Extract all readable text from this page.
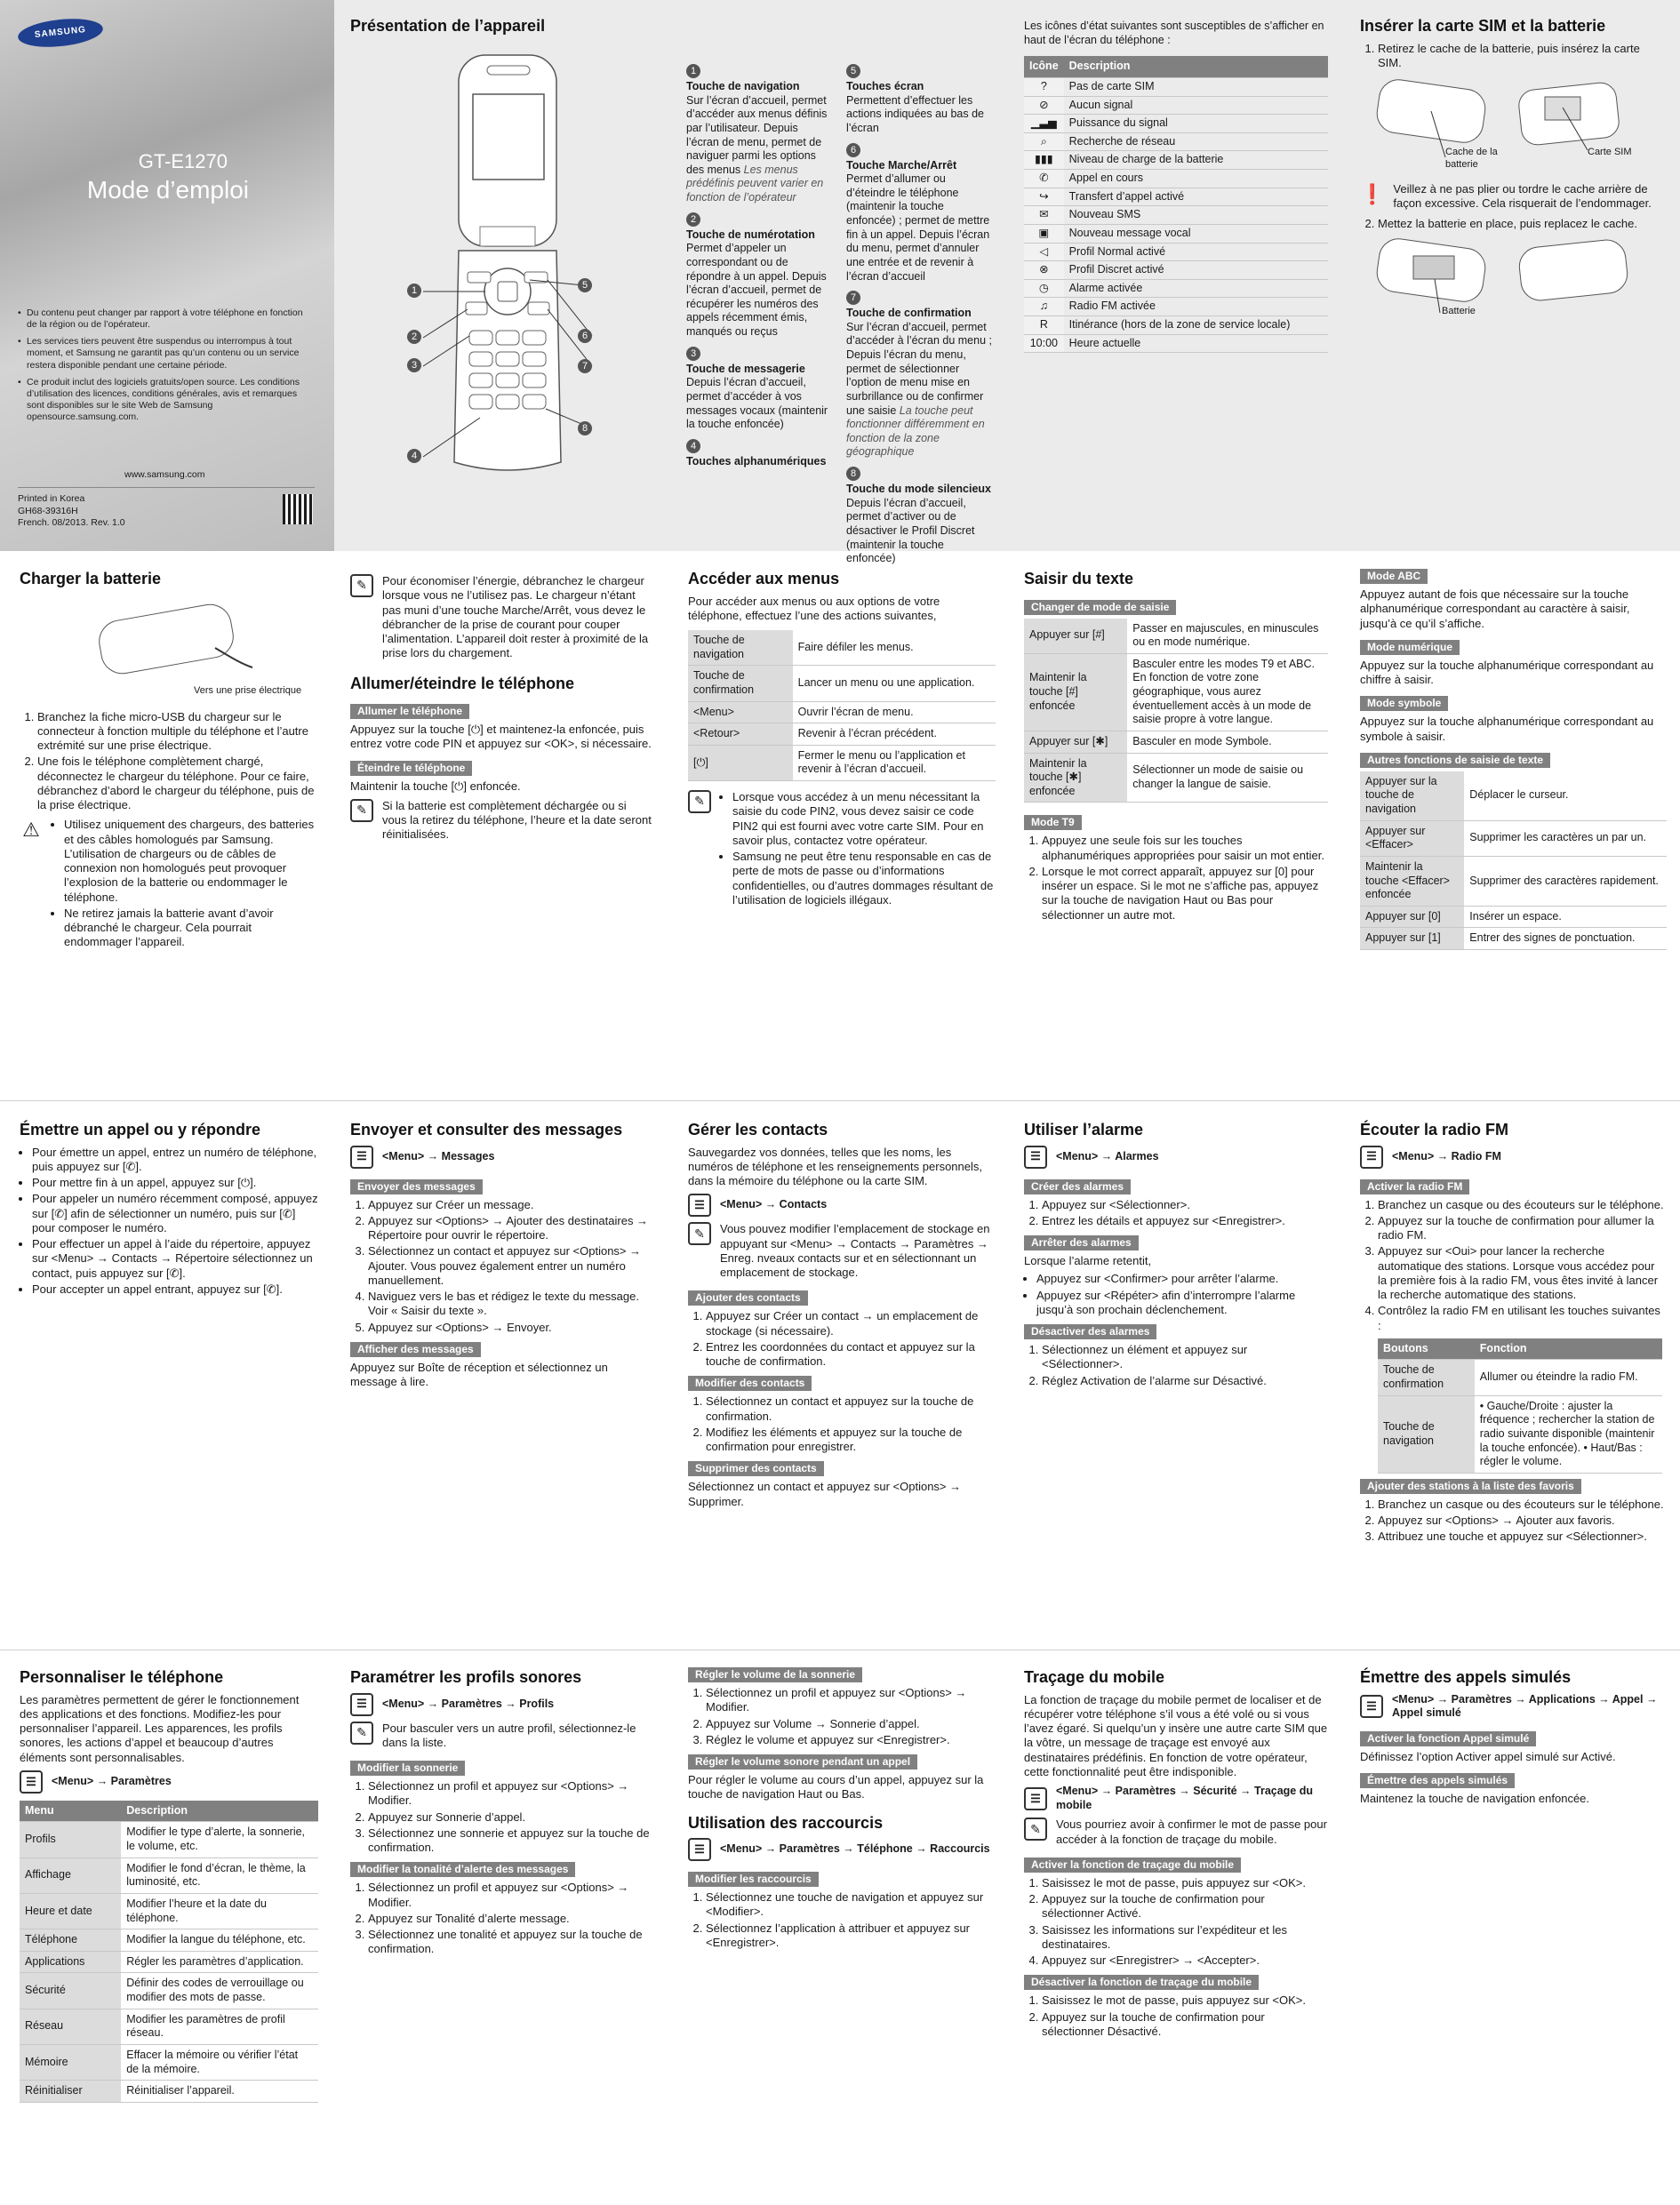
SAMSUNG
GT-E1270
Mode d’emploi
• Du contenu peut changer par rapport à votre téléphone en fonction de la région ou de l’opérateur.
• Les services tiers peuvent être suspendus ou interrompus à tout moment, et Samsung ne garantit pas qu’un contenu ou un service restera disponible pendant une certaine période.
• Ce produit inclut des logiciels gratuits/open source. Les conditions d’utilisation des licences, conditions générales, avis et remarques sont disponibles sur le site Web de Samsung opensource.samsung.com.
www.samsung.com
Printed in Korea
GH68-39316H
French. 08/2013. Rev. 1.0
Présentation de l’appareil
1
2
3
4
5
6
7
8
1
Touche de navigation
Sur l’écran d’accueil, permet d’accéder aux menus définis par l’utilisateur. Depuis l’écran de menu, permet de naviguer parmi les options des menus Les menus prédéfinis peuvent varier en fonction de l’opérateur
2
Touche de numérotation
Permet d’appeler un correspondant ou de répondre à un appel. Depuis l’écran d’accueil, permet de récupérer les numéros des appels récemment émis, manqués ou reçus
3
Touche de messagerie
Depuis l’écran d’accueil, permet d’accéder à vos messages vocaux (maintenir la touche enfoncée)
4
Touches alphanumériques
5
Touches écran
Permettent d’effectuer les actions indiquées au bas de l’écran
6
Touche Marche/Arrêt
Permet d’allumer ou d’éteindre le téléphone (maintenir la touche enfoncée) ; permet de mettre fin à un appel. Depuis l’écran du menu, permet d’annuler une entrée et de revenir à l’écran d’accueil
7
Touche de confirmation
Sur l’écran d’accueil, permet d’accéder à l’écran du menu ; Depuis l’écran du menu, permet de sélectionner l’option de menu mise en surbrillance ou de confirmer une saisie La touche peut fonctionner différemment en fonction de la zone géographique
8
Touche du mode silencieux
Depuis l’écran d’accueil, permet d’activer ou de désactiver le Profil Discret (maintenir la touche enfoncée)

Les icônes d’état suivantes sont susceptibles de s’afficher en haut de l’écran du téléphone :

Icône	Description
?	Pas de carte SIM
⊘	Aucun signal
▁▃▅	Puissance du signal
⌕	Recherche de réseau
▮▮▮	Niveau de charge de la batterie
✆	Appel en cours
↪	Transfert d’appel activé
✉	Nouveau SMS
▣	Nouveau message vocal
◁	Profil Normal activé
⊗	Profil Discret activé
◷	Alarme activée
♫	Radio FM activée
R	Itinérance (hors de la zone de service locale)
10:00	Heure actuelle
Insérer la carte SIM et la batterie
1. Retirez le cache de la batterie, puis insérez la carte SIM.
Cache de la batterie
Carte SIM
❗ Veillez à ne pas plier ou tordre le cache arrière de façon excessive. Cela risquerait de l’endommager.
2. Mettez la batterie en place, puis replacez le cache.
Batterie
Charger la batterie
Vers une prise électrique
1. Branchez la fiche micro-USB du chargeur sur le connecteur à fonction multiple du téléphone et l’autre extrémité sur une prise électrique.
2. Une fois le téléphone complètement chargé, déconnectez le chargeur du téléphone. Pour ce faire, débranchez d’abord le chargeur du téléphone, puis de la prise électrique.
⚠ • Utilisez uniquement des chargeurs, des batteries et des câbles homologués par Samsung. L’utilisation de chargeurs ou de câbles de connexion non homologués peut provoquer l’explosion de la batterie ou endommager le téléphone.
• Ne retirez jamais la batterie avant d’avoir débranché le chargeur. Cela pourrait endommager l’appareil.
✎	Pour économiser l’énergie, débranchez le chargeur lorsque vous ne l’utilisez pas. Le chargeur n’étant pas muni d’une touche Marche/Arrêt, vous devez le débrancher de la prise de courant pour couper l’alimentation. L’appareil doit rester à proximité de la prise lors du chargement.
Allumer/éteindre le téléphone
Allumer le téléphone

Appuyez sur la touche [⏻] et maintenez-la enfoncée, puis entrez votre code PIN et appuyez sur <OK>, si nécessaire.

Éteindre le téléphone

Maintenir la touche [⏻] enfoncée.

✎	Si la batterie est complètement déchargée ou si vous la retirez du téléphone, l’heure et la date seront réinitialisées.
Accéder aux menus

Pour accéder aux menus ou aux options de votre téléphone, effectuez l’une des actions suivantes,

Touche de navigation	Faire défiler les menus.
Touche de confirmation	Lancer un menu ou une application.
<Menu>	Ouvrir l’écran de menu.
<Retour>	Revenir à l’écran précédent.
[⏻]	Fermer le menu ou l’application et revenir à l’écran d’accueil.
✎	• Lorsque vous accédez à un menu nécessitant la saisie du code PIN2, vous devez saisir ce code PIN2 qui est fourni avec votre carte SIM. Pour en savoir plus, contactez votre opérateur.
• Samsung ne peut être tenu responsable en cas de perte de mots de passe ou d’informations confidentielles, ou d’autres dommages résultant de l’utilisation de logiciels illégaux.
Saisir du texte
Changer de mode de saisie
Appuyer sur [#]	Passer en majuscules, en minuscules ou en mode numérique.
Maintenir la touche [#] enfoncée	Basculer entre les modes T9 et ABC. En fonction de votre zone géographique, vous aurez éventuellement accès à un mode de saisie propre à votre langue.
Appuyer sur [✱]	Basculer en mode Symbole.
Maintenir la touche [✱] enfoncée	Sélectionner un mode de saisie ou changer la langue de saisie.
Mode T9
1. Appuyez une seule fois sur les touches alphanumériques appropriées pour saisir un mot entier.
2. Lorsque le mot correct apparaît, appuyez sur [0] pour insérer un espace. Si le mot ne s’affiche pas, appuyez sur la touche de navigation Haut ou Bas pour sélectionner un autre mot.
Mode ABC

Appuyez autant de fois que nécessaire sur la touche alphanumérique correspondant au caractère à saisir, jusqu’à ce qu’il s’affiche.

Mode numérique

Appuyez sur la touche alphanumérique correspondant au chiffre à saisir.

Mode symbole

Appuyez sur la touche alphanumérique correspondant au symbole à saisir.

Autres fonctions de saisie de texte
Appuyer sur la touche de navigation	Déplacer le curseur.
Appuyer sur <Effacer>	Supprimer les caractères un par un.
Maintenir la touche <Effacer> enfoncée	Supprimer des caractères rapidement.
Appuyer sur [0]	Insérer un espace.
Appuyer sur [1]	Entrer des signes de ponctuation.
Émettre un appel ou y répondre
• Pour émettre un appel, entrez un numéro de téléphone, puis appuyez sur [✆].
• Pour mettre fin à un appel, appuyez sur [⏻].
• Pour appeler un numéro récemment composé, appuyez sur [✆] afin de sélectionner un numéro, puis sur [✆] pour composer le numéro.
• Pour effectuer un appel à l’aide du répertoire, appuyez sur <Menu> → Contacts → Répertoire sélectionnez un contact, puis appuyez sur [✆].
• Pour accepter un appel entrant, appuyez sur [✆].
Envoyer et consulter des messages
☰	<Menu> → Messages
Envoyer des messages
1. Appuyez sur Créer un message.
2. Appuyez sur <Options> → Ajouter des destinataires → Répertoire pour ouvrir le répertoire.
3. Sélectionnez un contact et appuyez sur <Options> → Ajouter. Vous pouvez également entrer un numéro manuellement.
4. Naviguez vers le bas et rédigez le texte du message. Voir « Saisir du texte ».
5. Appuyez sur <Options> → Envoyer.
Afficher des messages

Appuyez sur Boîte de réception et sélectionnez un message à lire.

Gérer les contacts

Sauvegardez vos données, telles que les noms, les numéros de téléphone et les renseignements personnels, dans la mémoire du téléphone ou la carte SIM.

☰	<Menu> → Contacts
✎	Vous pouvez modifier l’emplacement de stockage en appuyant sur <Menu> → Contacts → Paramètres → Enreg. nveaux contacts sur et en sélectionnant un emplacement de stockage.
Ajouter des contacts
1. Appuyez sur Créer un contact → un emplacement de stockage (si nécessaire).
2. Entrez les coordonnées du contact et appuyez sur la touche de confirmation.
Modifier des contacts
1. Sélectionnez un contact et appuyez sur la touche de confirmation.
2. Modifiez les éléments et appuyez sur la touche de confirmation pour enregistrer.
Supprimer des contacts

Sélectionnez un contact et appuyez sur <Options> → Supprimer.

Utiliser l’alarme
☰	<Menu> → Alarmes
Créer des alarmes
1. Appuyez sur <Sélectionner>.
2. Entrez les détails et appuyez sur <Enregistrer>.
Arrêter des alarmes

Lorsque l’alarme retentit,

• Appuyez sur <Confirmer> pour arrêter l’alarme.
• Appuyez sur <Répéter> afin d’interrompre l’alarme jusqu’à son prochain déclenchement.
Désactiver des alarmes
1. Sélectionnez un élément et appuyez sur <Sélectionner>.
2. Réglez Activation de l’alarme sur Désactivé.
Écouter la radio FM
☰	<Menu> → Radio FM
Activer la radio FM
1. Branchez un casque ou des écouteurs sur le téléphone.
2. Appuyez sur la touche de confirmation pour allumer la radio FM.
3. Appuyez sur <Oui> pour lancer la recherche automatique des stations. Lorsque vous accédez pour la première fois à la radio FM, vous êtes invité à lancer la recherche automatique des stations.
4. Contrôlez la radio FM en utilisant les touches suivantes :
Boutons	Fonction
Touche de confirmation	Allumer ou éteindre la radio FM.
Touche de navigation	• Gauche/Droite : ajuster la fréquence ; rechercher la station de radio suivante disponible (maintenir la touche enfoncée). • Haut/Bas : régler le volume.
Ajouter des stations à la liste des favoris
1. Branchez un casque ou des écouteurs sur le téléphone.
2. Appuyez sur <Options> → Ajouter aux favoris.
3. Attribuez une touche et appuyez sur <Sélectionner>.
Personnaliser le téléphone

Les paramètres permettent de gérer le fonctionnement des applications et des fonctions. Modifiez-les pour personnaliser l’appareil. Les apparences, les profils sonores, les actions d’appel et beaucoup d’autres éléments sont personnalisables.

☰	<Menu> → Paramètres
Menu	Description
Profils	Modifier le type d’alerte, la sonnerie, le volume, etc.
Affichage	Modifier le fond d’écran, le thème, la luminosité, etc.
Heure et date	Modifier l’heure et la date du téléphone.
Téléphone	Modifier la langue du téléphone, etc.
Applications	Régler les paramètres d’application.
Sécurité	Définir des codes de verrouillage ou modifier des mots de passe.
Réseau	Modifier les paramètres de profil réseau.
Mémoire	Effacer la mémoire ou vérifier l’état de la mémoire.
Réinitialiser	Réinitialiser l’appareil.
Paramétrer les profils sonores
☰	<Menu> → Paramètres → Profils
✎	Pour basculer vers un autre profil, sélectionnez-le dans la liste.
Modifier la sonnerie
1. Sélectionnez un profil et appuyez sur <Options> → Modifier.
2. Appuyez sur Sonnerie d’appel.
3. Sélectionnez une sonnerie et appuyez sur la touche de confirmation.
Modifier la tonalité d’alerte des messages
1. Sélectionnez un profil et appuyez sur <Options> → Modifier.
2. Appuyez sur Tonalité d’alerte message.
3. Sélectionnez une tonalité et appuyez sur la touche de confirmation.
Régler le volume de la sonnerie
1. Sélectionnez un profil et appuyez sur <Options> → Modifier.
2. Appuyez sur Volume → Sonnerie d’appel.
3. Réglez le volume et appuyez sur <Enregistrer>.
Régler le volume sonore pendant un appel

Pour régler le volume au cours d’un appel, appuyez sur la touche de navigation Haut ou Bas.

Utilisation des raccourcis
☰	<Menu> → Paramètres → Téléphone → Raccourcis
Modifier les raccourcis
1. Sélectionnez une touche de navigation et appuyez sur <Modifier>.
2. Sélectionnez l’application à attribuer et appuyez sur <Enregistrer>.
Traçage du mobile

La fonction de traçage du mobile permet de localiser et de récupérer votre téléphone s’il vous a été volé ou si vous l’avez égaré. Si quelqu’un y insère une autre carte SIM que la vôtre, un message de traçage est envoyé aux destinataires prédéfinis. En fonction de votre opérateur, cette fonctionnalité peut être indisponible.

☰
<Menu> → Paramètres → Sécurité → Traçage du mobile
✎	Vous pourriez avoir à confirmer le mot de passe pour accéder à la fonction de traçage du mobile.
Activer la fonction de traçage du mobile
1. Saisissez le mot de passe, puis appuyez sur <OK>.
2. Appuyez sur la touche de confirmation pour sélectionner Activé.
3. Saisissez les informations sur l’expéditeur et les destinataires.
4. Appuyez sur <Enregistrer> → <Accepter>.
Désactiver la fonction de traçage du mobile
1. Saisissez le mot de passe, puis appuyez sur <OK>.
2. Appuyez sur la touche de confirmation pour sélectionner Désactivé.
Émettre des appels simulés
☰
<Menu> → Paramètres → Applications → Appel → Appel simulé
Activer la fonction Appel simulé

Définissez l’option Activer appel simulé sur Activé.

Émettre des appels simulés

Maintenez la touche de navigation enfoncée.
